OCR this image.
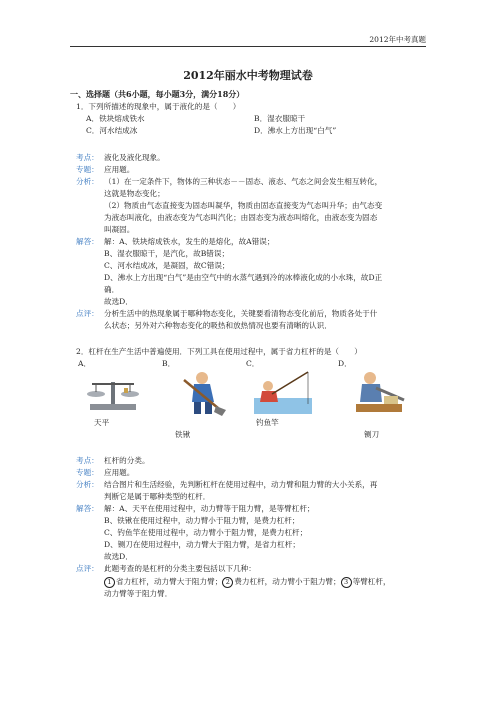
2012年中考真题
2012年丽水中考物理试卷
一、选择题（共6小题，每小题3分，满分18分）
1．下列所描述的现象中，属于液化的是（　　）
A．铁块熔成铁水	B．湿衣服晾干
C．河水结成冰	D．沸水上方出现“白气”
考点： 液化及液化现象。
专题： 应用题。
分析： （1）在一定条件下，物体的三种状态－－固态、液态、气态之间会发生相互转化，
这就是物态变化；
（2）物质由气态直接变为固态叫凝华，物质由固态直接变为气态叫升华；由气态变
为液态叫液化，由液态变为气态叫汽化；由固态变为液态叫熔化，由液态变为固态
叫凝固。
解答： 解：A、铁块熔成铁水，发生的是熔化，故A错误；
B、湿衣服晾干，是汽化，故B错误；
C、河水结成冰，是凝固，故C错误；
D、沸水上方出现“白气”是由空气中的水蒸气遇到冷的冰棒液化成的小水珠，故D正
确．
故选D．
点评： 分析生活中的热现象属于哪种物态变化，关键要看清物态变化前后，物质各处于什
么状态；另外对六种物态变化的吸热和放热情况也要有清晰的认识．
2．杠杆在生产生活中普遍使用．下列工具在使用过程中，属于省力杠杆的是（　　）
A．	B．	C．	D．
天平
铁锹
钓鱼竿
铡刀
考点： 杠杆的分类。
专题： 应用题。
分析： 结合图片和生活经验，先判断杠杆在使用过程中，动力臂和阻力臂的大小关系，再
判断它是属于哪种类型的杠杆．
解答： 解：A、天平在使用过程中，动力臂等于阻力臂，是等臂杠杆；
B、铁锹在使用过程中，动力臂小于阻力臂，是费力杠杆；
C、钓鱼竿在使用过程中，动力臂小于阻力臂，是费力杠杆；
D、铡刀在使用过程中，动力臂大于阻力臂，是省力杠杆；
故选D．
点评： 此题考查的是杠杆的分类主要包括以下几种：
1 省力杠杆，动力臂大于阻力臂； 2 费力杠杆，动力臂小于阻力臂； 3 等臂杠杆，
动力臂等于阻力臂．
